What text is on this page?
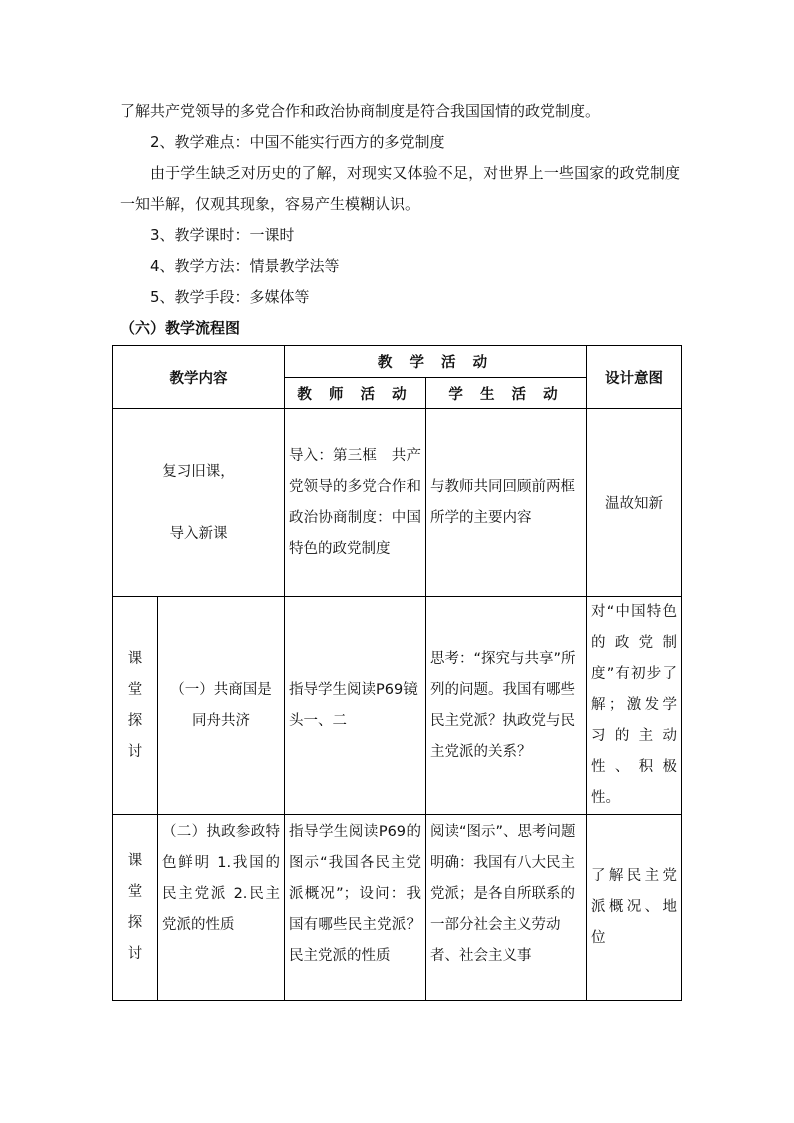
了解共产党领导的多党合作和政治协商制度是符合我国国情的政党制度。

2、教学难点：中国不能实行西方的多党制度

由于学生缺乏对历史的了解，对现实又体验不足，对世界上一些国家的政党制度一知半解，仅观其现象，容易产生模糊认识。

3、教学课时：一课时

4、教学方法：情景教学法等

5、教学手段：多媒体等

（六）教学流程图

教学内容		教 学 活 动		设计意图
		教 师 活 动	学 生 活 动	

复习旧课，
导入新课		导入：第三框　共产党领导的多党合作和政治协商制度：中国特色的政党制度	与教师共同回顾前两框所学的主要内容	温故知新

课堂探讨	（一）共商国是同舟共济	指导学生阅读P69镜头一、二	思考：“探究与共享”所列的问题。我国有哪些民主党派？执政党与民主党派的关系？	对“中国特色的政党制度”有初步了解；激发学习的主动性、积极性。

课堂探讨	（二）执政参政特色鲜明 1.我国的民主党派 2.民主党派的性质	指导学生阅读P69的图示“我国各民主党派概况”；设问：我国有哪些民主党派？民主党派的性质	阅读“图示”、思考问题 明确：我国有八大民主党派；是各自所联系的一部分社会主义劳动者、社会主义事	了解民主党派概况、地位
